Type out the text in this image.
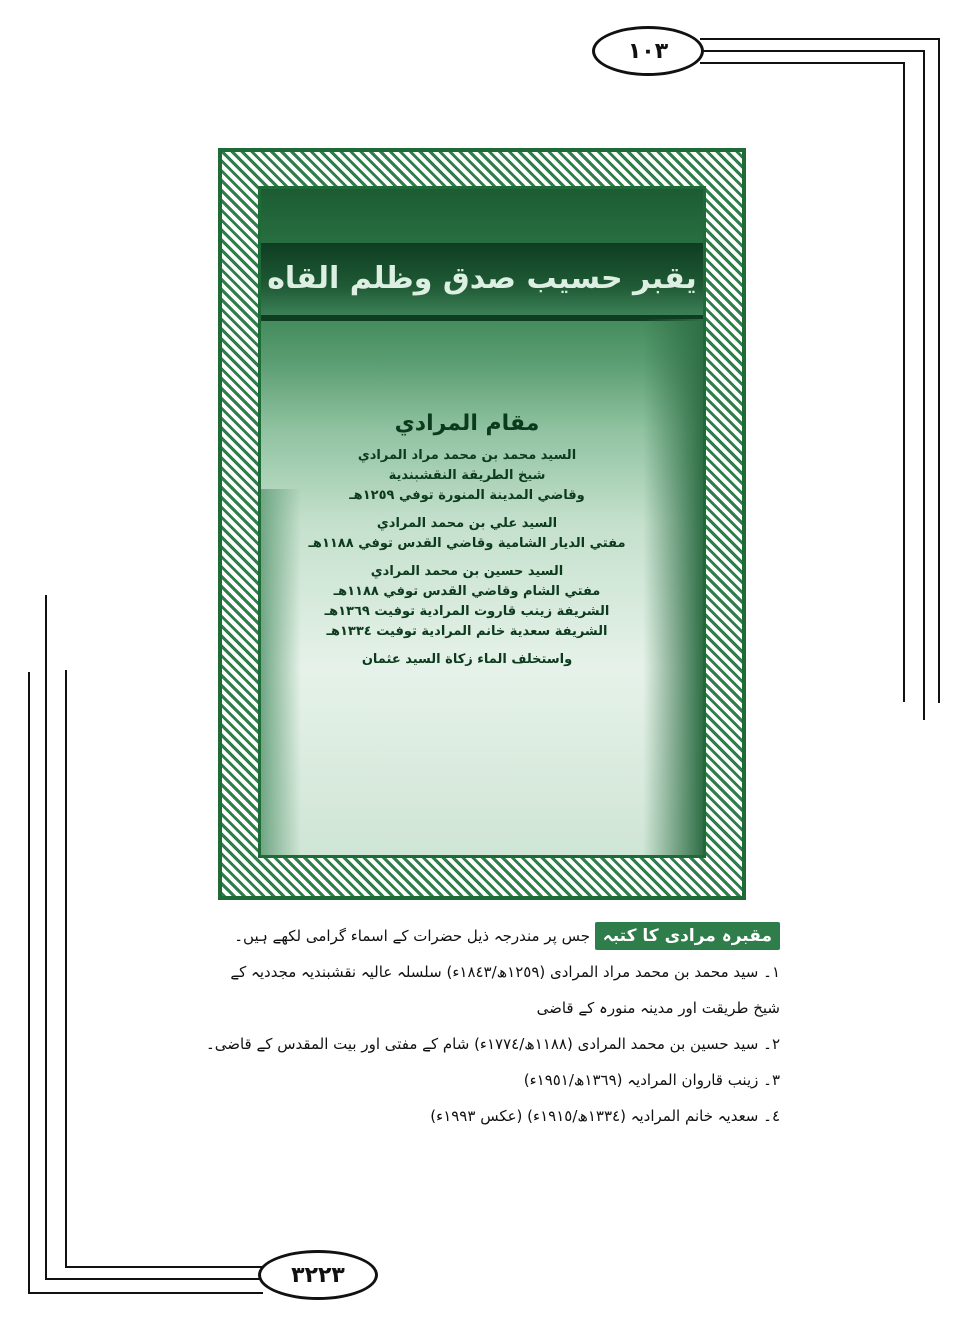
١٠٣
٣٢٢٣
يقبر حسيب صدق وظلم القاه
مقام المرادي
السيد محمد بن محمد مراد المرادي
شيخ الطريقة النقشبندية
وقاضي المدينة المنورة توفي ١٢٥٩هـ
السيد علي بن محمد المرادي
مفتي الديار الشامية وقاضي القدس توفي ١١٨٨هـ
السيد حسين بن محمد المرادي
مفتي الشام وقاضي القدس توفي ١١٨٨هـ
الشريفة زينب قاروت المرادية توفيت ١٣٦٩هـ
الشريفة سعدية خانم المرادية توفيت ١٣٣٤هـ
واستخلف الماء زكاة السيد عثمان
مقبرہ مرادی کا کتبہ جس پر مندرجہ ذیل حضرات کے اسماء گرامی لکھے ہیں۔
١۔ سید محمد بن محمد مراد المرادی (١٢٥٩ھ/١٨٤٣ء) سلسلہ عالیہ نقشبندیہ مجددیہ کے
شیخ طریقت اور مدینہ منورہ کے قاضی
٢۔ سید حسین بن محمد المرادی (١١٨٨ھ/١٧٧٤ء) شام کے مفتی اور بیت المقدس کے قاضی۔
٣۔ زینب قاروان المرادیہ (١٣٦٩ھ/١٩٥١ء)
٤۔ سعدیہ خانم المرادیہ (١٣٣٤ھ/١٩١٥ء) (عکس ١٩٩٣ء)
